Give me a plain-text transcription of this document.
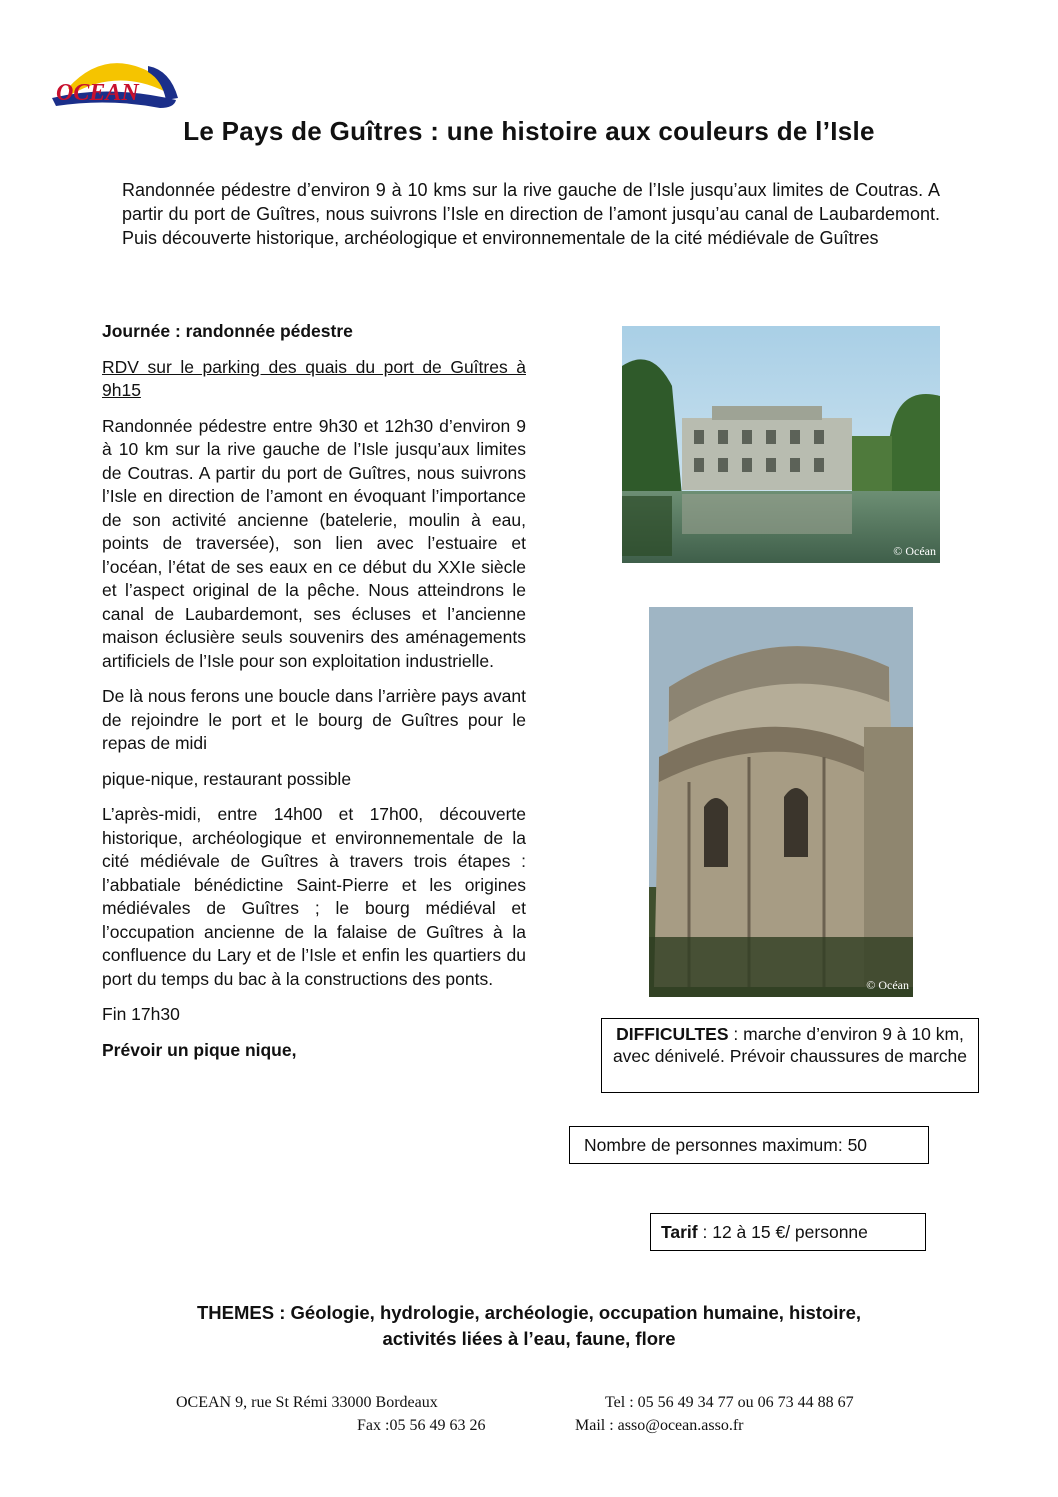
OCEAN
Le Pays de Guîtres : une histoire aux couleurs de l’Isle

Randonnée pédestre d’environ 9 à 10 kms sur la rive gauche de l’Isle jusqu’aux limites de Coutras. A partir du port de Guîtres, nous suivrons l’Isle en direction de l’amont jusqu’au canal de Laubardemont. Puis découverte historique, archéologique et environnementale de la cité médiévale de Guîtres

Journée : randonnée pédestre

RDV sur le parking des quais du port de Guîtres à 9h15

Randonnée pédestre entre 9h30 et 12h30 d’environ 9 à 10 km sur la rive gauche de l’Isle jusqu’aux limites de Coutras. A partir du port de Guîtres, nous suivrons l’Isle en direction de l’amont en évoquant l’importance de son activité ancienne (batelerie, moulin à eau, points de traversée), son lien avec l’estuaire et l’océan, l’état de ses eaux en ce début du XXIe siècle et l’aspect original de la pêche. Nous atteindrons le canal de Laubardemont, ses écluses et l’ancienne maison éclusière seuls souvenirs des aménagements artificiels de l’Isle pour son exploitation industrielle.

De là nous ferons une boucle dans l’arrière pays avant de rejoindre le port et le bourg de Guîtres pour le repas de midi

pique-nique, restaurant possible

L’après-midi, entre 14h00 et 17h00, découverte historique, archéologique et environnementale de la cité médiévale de Guîtres à travers trois étapes : l’abbatiale bénédictine Saint-Pierre et les origines médiévales de Guîtres ; le bourg médiéval et l’occupation ancienne de la falaise de Guîtres à la confluence du Lary et de l’Isle et enfin les quartiers du port du temps du bac à la constructions des ponts.

Fin 17h30

Prévoir un pique nique,

© Océan
© Océan
DIFFICULTES : marche d’environ 9 à 10 km, avec dénivelé. Prévoir chaussures de marche
Nombre de personnes maximum: 50
Tarif : 12 à 15 €/ personne
THEMES : Géologie, hydrologie, archéologie, occupation humaine, histoire,
activités liées à l’eau, faune, flore
OCEAN 9, rue St Rémi 33000 Bordeaux	Tel : 05 56 49 34 77 ou 06 73 44 88 67
Fax :05 56 49 63 26	Mail : asso@ocean.asso.fr
